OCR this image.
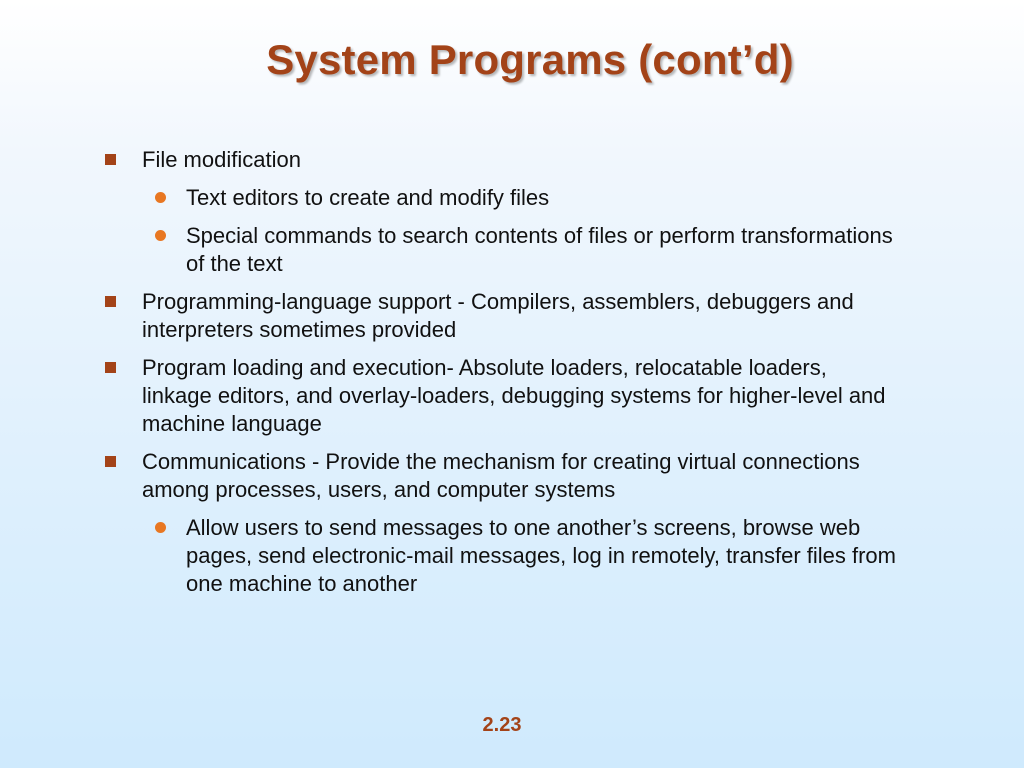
System Programs (cont’d)
File modification
Text editors to create and modify files
Special commands to search contents of files or perform transformations of the text
Programming-language support - Compilers, assemblers, debuggers and interpreters sometimes provided
Program loading and execution- Absolute loaders, relocatable loaders, linkage editors, and overlay-loaders, debugging systems for higher-level and machine language
Communications - Provide the mechanism for creating virtual connections among processes, users, and computer systems
Allow users to send messages to one another’s screens, browse web pages, send electronic-mail messages, log in remotely, transfer files from one machine to another
2.23
